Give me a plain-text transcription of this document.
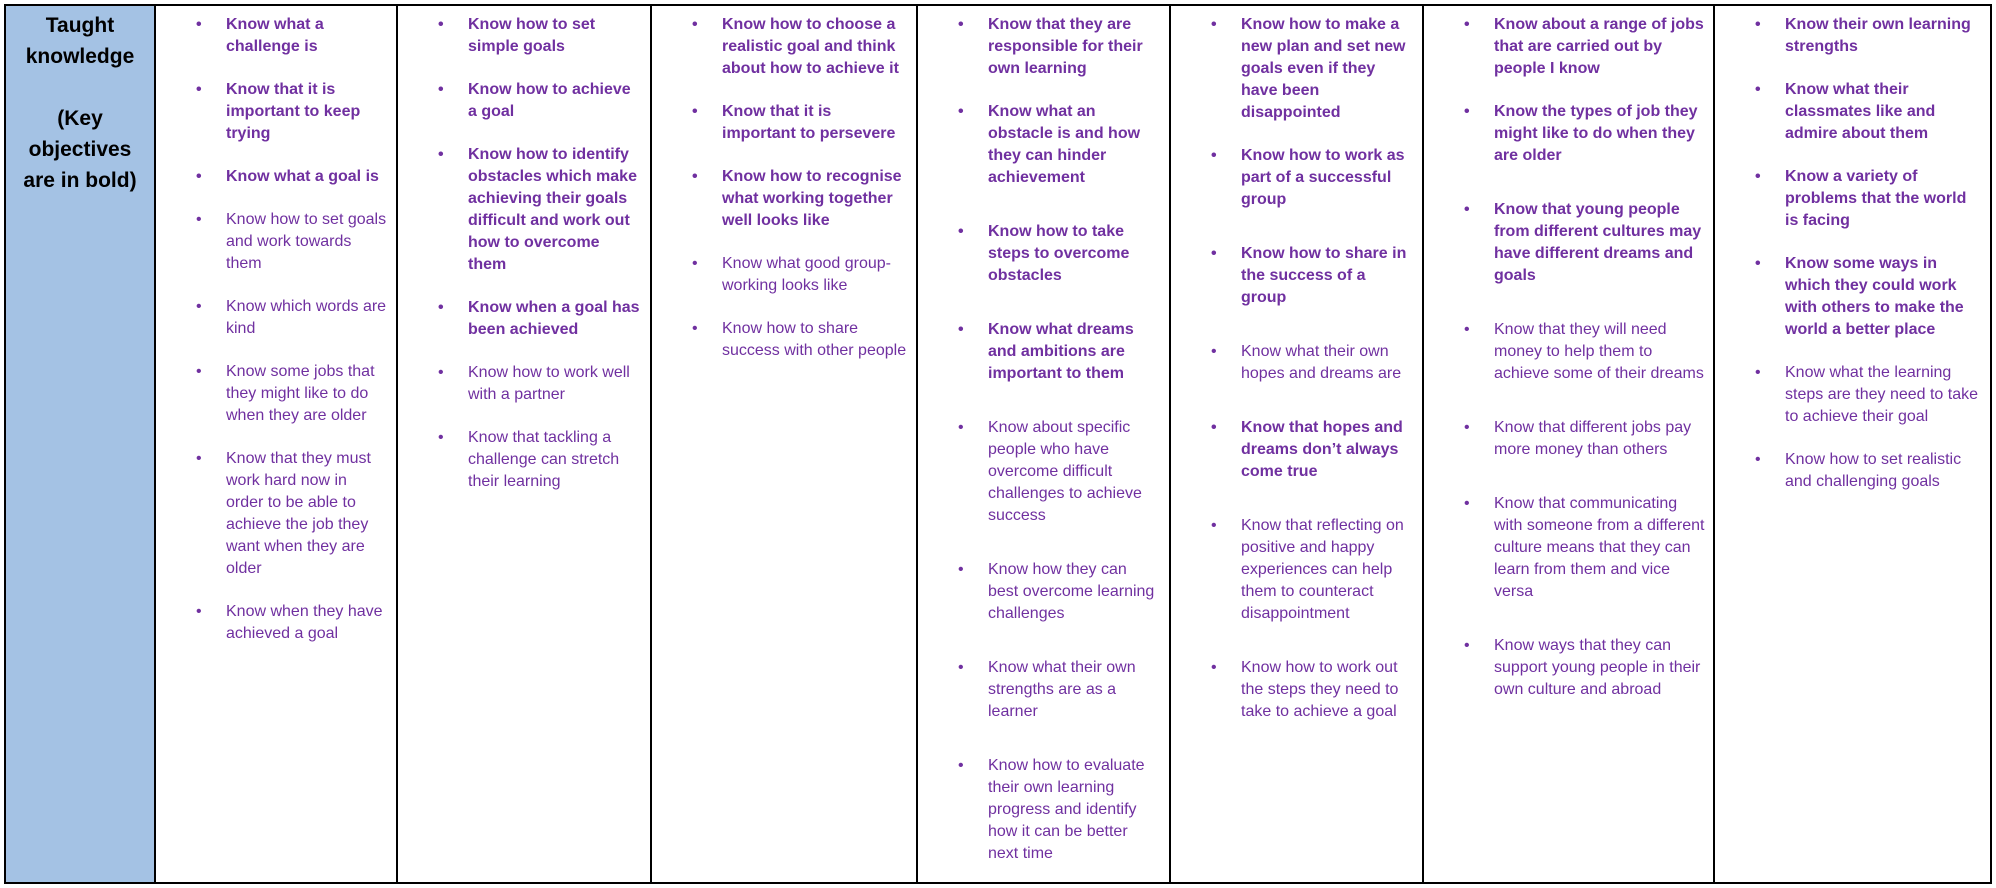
Taught
knowledge
(Key
objectives
are in bold)
• Know what a challenge is
• Know that it is important to keep trying
• Know what a goal is
• Know how to set goals and work towards them
• Know which words are kind
• Know some jobs that they might like to do when they are older
• Know that they must work hard now in order to be able to achieve the job they want when they are older
• Know when they have achieved a goal
• Know how to set simple goals
• Know how to achieve a goal
• Know how to identify obstacles which make achieving their goals difficult and work out how to overcome them
• Know when a goal has been achieved
• Know how to work well with a partner
• Know that tackling a challenge can stretch their learning
• Know how to choose a realistic goal and think about how to achieve it
• Know that it is important to persevere
• Know how to recognise what working together well looks like
• Know what good group-working looks like
• Know how to share success with other people
• Know that they are responsible for their own learning
• Know what an obstacle is and how they can hinder achievement
• Know how to take steps to overcome obstacles
• Know what dreams and ambitions are important to them
• Know about specific people who have overcome difficult challenges to achieve success
• Know how they can best overcome learning challenges
• Know what their own strengths are as a learner
• Know how to evaluate their own learning progress and identify how it can be better next time
• Know how to make a new plan and set new goals even if they have been disappointed
• Know how to work as part of a successful group
• Know how to share in the success of a group
• Know what their own hopes and dreams are
• Know that hopes and dreams don’t always come true
• Know that reflecting on positive and happy experiences can help them to counteract disappointment
• Know how to work out the steps they need to take to achieve a goal
• Know about a range of jobs that are carried out by people I know
• Know the types of job they might like to do when they are older
• Know that young people from different cultures may have different dreams and goals
• Know that they will need money to help them to achieve some of their dreams
• Know that different jobs pay more money than others
• Know that communicating with someone from a different culture means that they can learn from them and vice versa
• Know ways that they can support young people in their own culture and abroad
• Know their own learning strengths
• Know what their classmates like and admire about them
• Know a variety of problems that the world is facing
• Know some ways in which they could work with others to make the world a better place
• Know what the learning steps are they need to take to achieve their goal
• Know how to set realistic and challenging goals
